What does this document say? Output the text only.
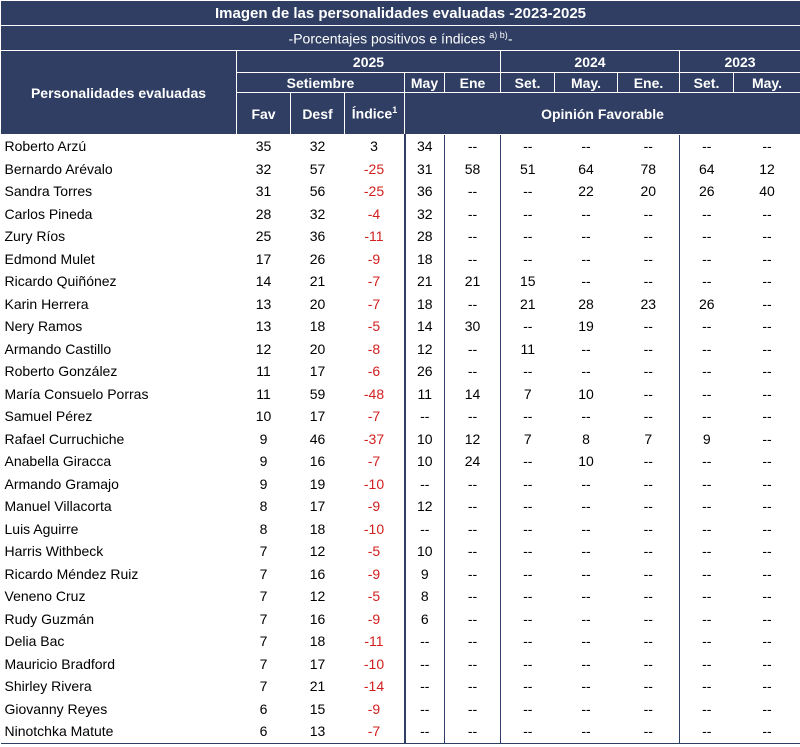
Imagen de las personalidades evaluadas -2023-2025										
-Porcentajes positivos e índices $^{a) b)}$-										
Personalidades evaluadas	2025					2024			2023	
	Setiembre			May	Ene	Set.	May.	Ene.	Set.	May.
	Fav	Desf	Índice$^1$	Opinión Favorable						
Roberto Arzú	35	32	3	34	--	--	--	--	--	--
Bernardo Arévalo	32	57	-25	31	58	51	64	78	64	12
Sandra Torres	31	56	-25	36	--	--	22	20	26	40
Carlos Pineda	28	32	-4	32	--	--	--	--	--	--
Zury Ríos	25	36	-11	28	--	--	--	--	--	--
Edmond Mulet	17	26	-9	18	--	--	--	--	--	--
Ricardo Quiñónez	14	21	-7	21	21	15	--	--	--	--
Karin Herrera	13	20	-7	18	--	21	28	23	26	--
Nery Ramos	13	18	-5	14	30	--	19	--	--	--
Armando Castillo	12	20	-8	12	--	11	--	--	--	--
Roberto González	11	17	-6	26	--	--	--	--	--	--
María Consuelo Porras	11	59	-48	11	14	7	10	--	--	--
Samuel Pérez	10	17	-7	--	--	--	--	--	--	--
Rafael Curruchiche	9	46	-37	10	12	7	8	7	9	--
Anabella Giracca	9	16	-7	10	24	--	10	--	--	--
Armando Gramajo	9	19	-10	--	--	--	--	--	--	--
Manuel Villacorta	8	17	-9	12	--	--	--	--	--	--
Luis Aguirre	8	18	-10	--	--	--	--	--	--	--
Harris Withbeck	7	12	-5	10	--	--	--	--	--	--
Ricardo Méndez Ruiz	7	16	-9	9	--	--	--	--	--	--
Veneno Cruz	7	12	-5	8	--	--	--	--	--	--
Rudy Guzmán	7	16	-9	6	--	--	--	--	--	--
Delia Bac	7	18	-11	--	--	--	--	--	--	--
Mauricio Bradford	7	17	-10	--	--	--	--	--	--	--
Shirley Rivera	7	21	-14	--	--	--	--	--	--	--
Giovanny Reyes	6	15	-9	--	--	--	--	--	--	--
Ninotchka Matute	6	13	-7	--	--	--	--	--	--	--
